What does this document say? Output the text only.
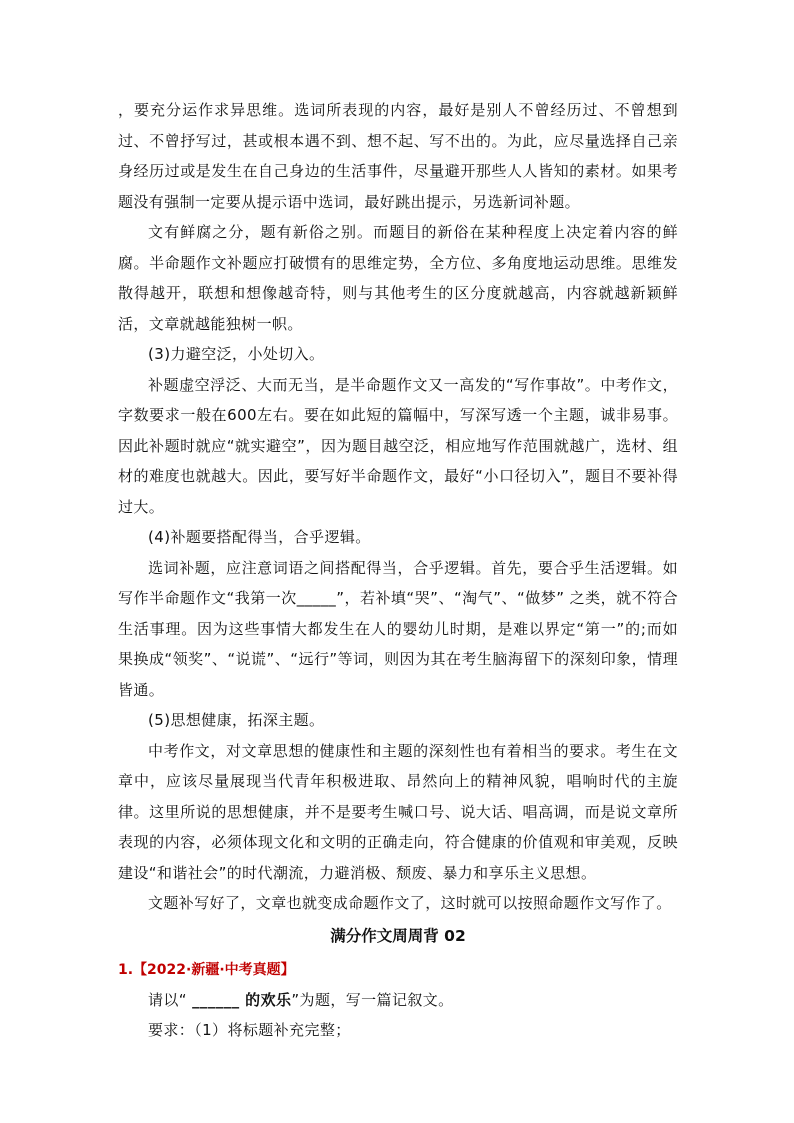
，要充分运作求异思维。选词所表现的内容，最好是别人不曾经历过、不曾想到过、不曾抒写过，甚或根本遇不到、想不起、写不出的。为此，应尽量选择自己亲身经历过或是发生在自己身边的生活事件，尽量避开那些人人皆知的素材。如果考题没有强制一定要从提示语中选词，最好跳出提示，另选新词补题。

文有鲜腐之分，题有新俗之别。而题目的新俗在某种程度上决定着内容的鲜腐。半命题作文补题应打破惯有的思维定势，全方位、多角度地运动思维。思维发散得越开，联想和想像越奇特，则与其他考生的区分度就越高，内容就越新颖鲜活，文章就越能独树一帜。

(3)力避空泛，小处切入。

补题虚空浮泛、大而无当，是半命题作文又一高发的“写作事故”。中考作文，字数要求一般在600左右。要在如此短的篇幅中，写深写透一个主题，诚非易事。因此补题时就应“就实避空”，因为题目越空泛，相应地写作范围就越广，选材、组材的难度也就越大。因此，要写好半命题作文，最好“小口径切入”，题目不要补得过大。

(4)补题要搭配得当，合乎逻辑。

选词补题，应注意词语之间搭配得当，合乎逻辑。首先，要合乎生活逻辑。如写作半命题作文“我第一次_____”，若补填“哭”、“淘气”、“做梦” 之类，就不符合生活事理。因为这些事情大都发生在人的婴幼儿时期，是难以界定“第一”的;而如果换成“领奖”、“说谎”、“远行”等词，则因为其在考生脑海留下的深刻印象，情理皆通。

(5)思想健康，拓深主题。

中考作文，对文章思想的健康性和主题的深刻性也有着相当的要求。考生在文章中，应该尽量展现当代青年积极进取、昂然向上的精神风貌，唱响时代的主旋律。这里所说的思想健康，并不是要考生喊口号、说大话、唱高调，而是说文章所表现的内容，必须体现文化和文明的正确走向，符合健康的价值观和审美观，反映建设“和谐社会”的时代潮流，力避消极、颓废、暴力和享乐主义思想。

文题补写好了，文章也就变成命题作文了，这时就可以按照命题作文写作了。

满分作文周周背 02
1.【2022·新疆·中考真题】

请以“ ______ 的欢乐”为题，写一篇记叙文。

要求：（1）将标题补充完整；
